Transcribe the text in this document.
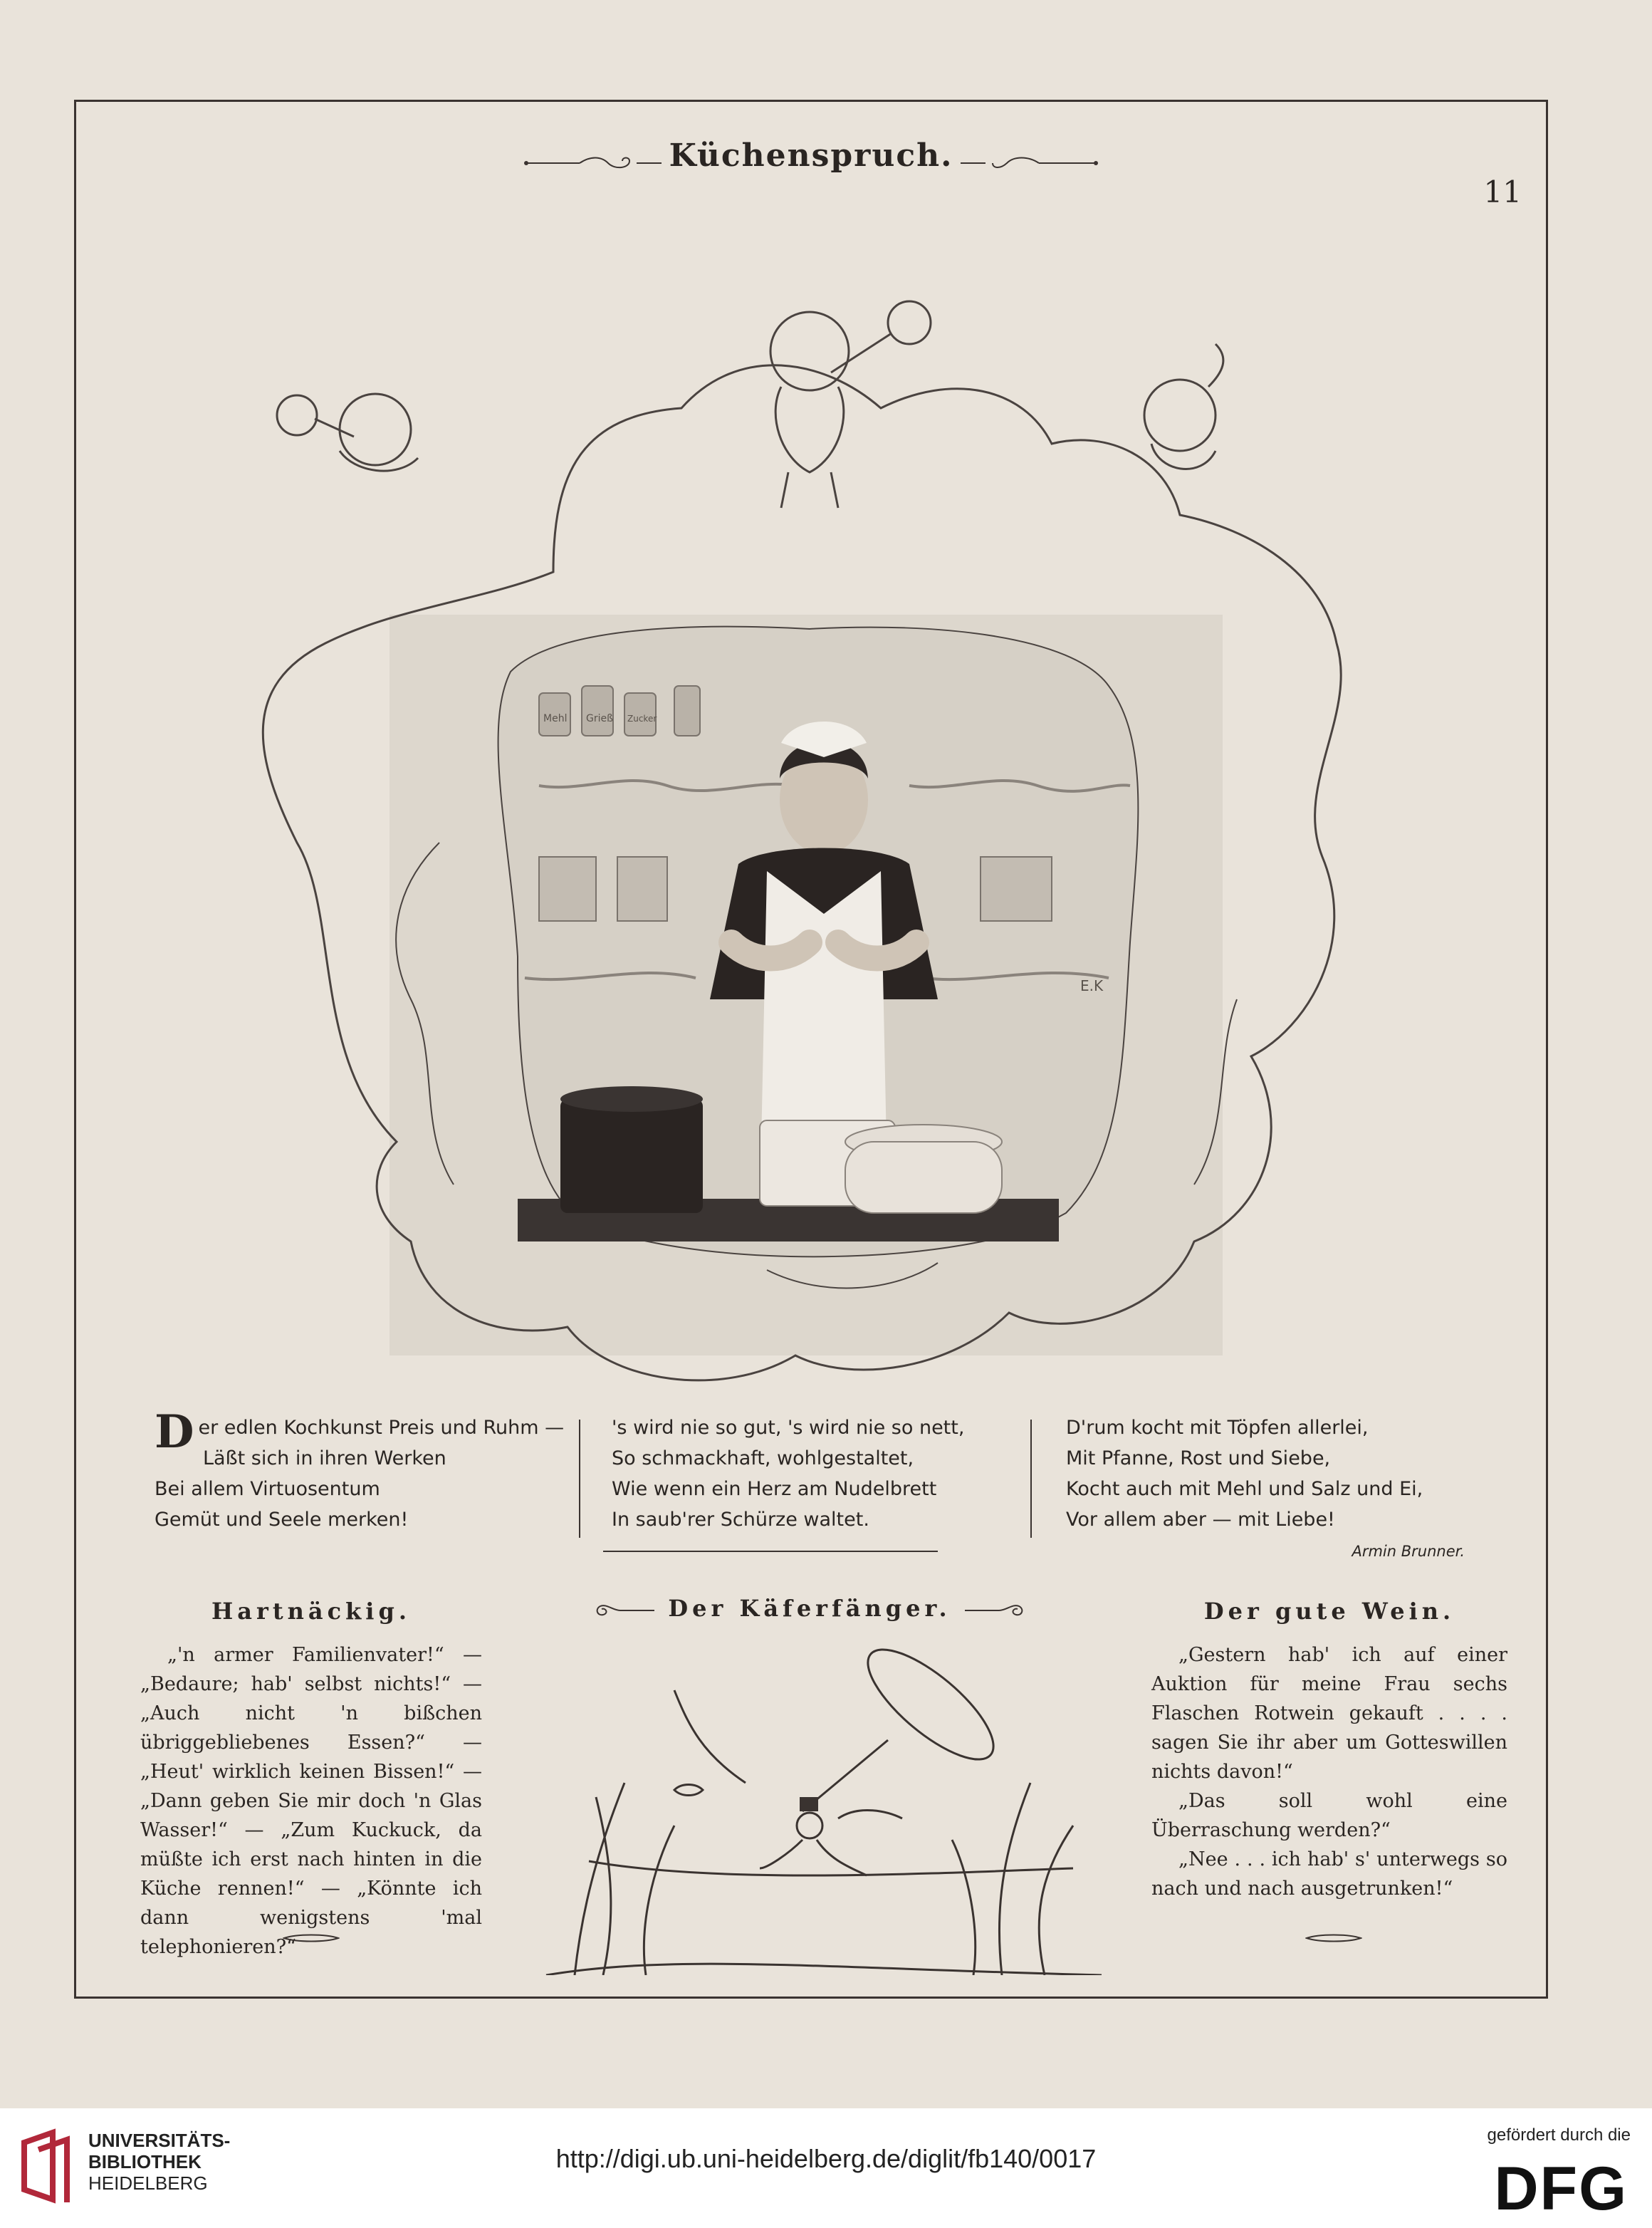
Küchenspruch.
11
Mehl Grieß Zucker
E.K
D er edlen Kochkunst Preis und Ruhm —
Läßt sich in ihren Werken
Bei allem Virtuosentum
Gemüt und Seele merken!
's wird nie so gut, 's wird nie so nett,
So schmackhaft, wohlgestaltet,
Wie wenn ein Herz am Nudelbrett
In saub'rer Schürze waltet.
D'rum kocht mit Töpfen allerlei,
Mit Pfanne, Rost und Siebe,
Kocht auch mit Mehl und Salz und Ei,
Vor allem aber — mit Liebe!
Armin Brunner.
Hartnäckig.

„'n armer Familienvater!“ — „Bedaure; hab' selbst nichts!“ — „Auch nicht 'n bißchen übriggebliebenes Essen?“ — „Heut' wirklich keinen Bissen!“ — „Dann geben Sie mir doch 'n Glas Wasser!“ — „Zum Kuckuck, da müßte ich erst nach hinten in die Küche rennen!“ — „Könnte ich dann wenigstens 'mal telephonieren?“

Der Käferfänger.	Der gute Wein.

„Gestern hab' ich auf einer Auktion für meine Frau sechs Flaschen Rotwein gekauft . . . . sagen Sie ihr aber um Gotteswillen nichts davon!“

„Das soll wohl eine Überraschung werden?“

„Nee . . . ich hab' s' unterwegs so nach und nach ausgetrunken!“

UNIVERSITÄTS-
BIBLIOTHEK
HEIDELBERG
http://digi.ub.uni-heidelberg.de/diglit/fb140/0017
gefördert durch die
DFG
